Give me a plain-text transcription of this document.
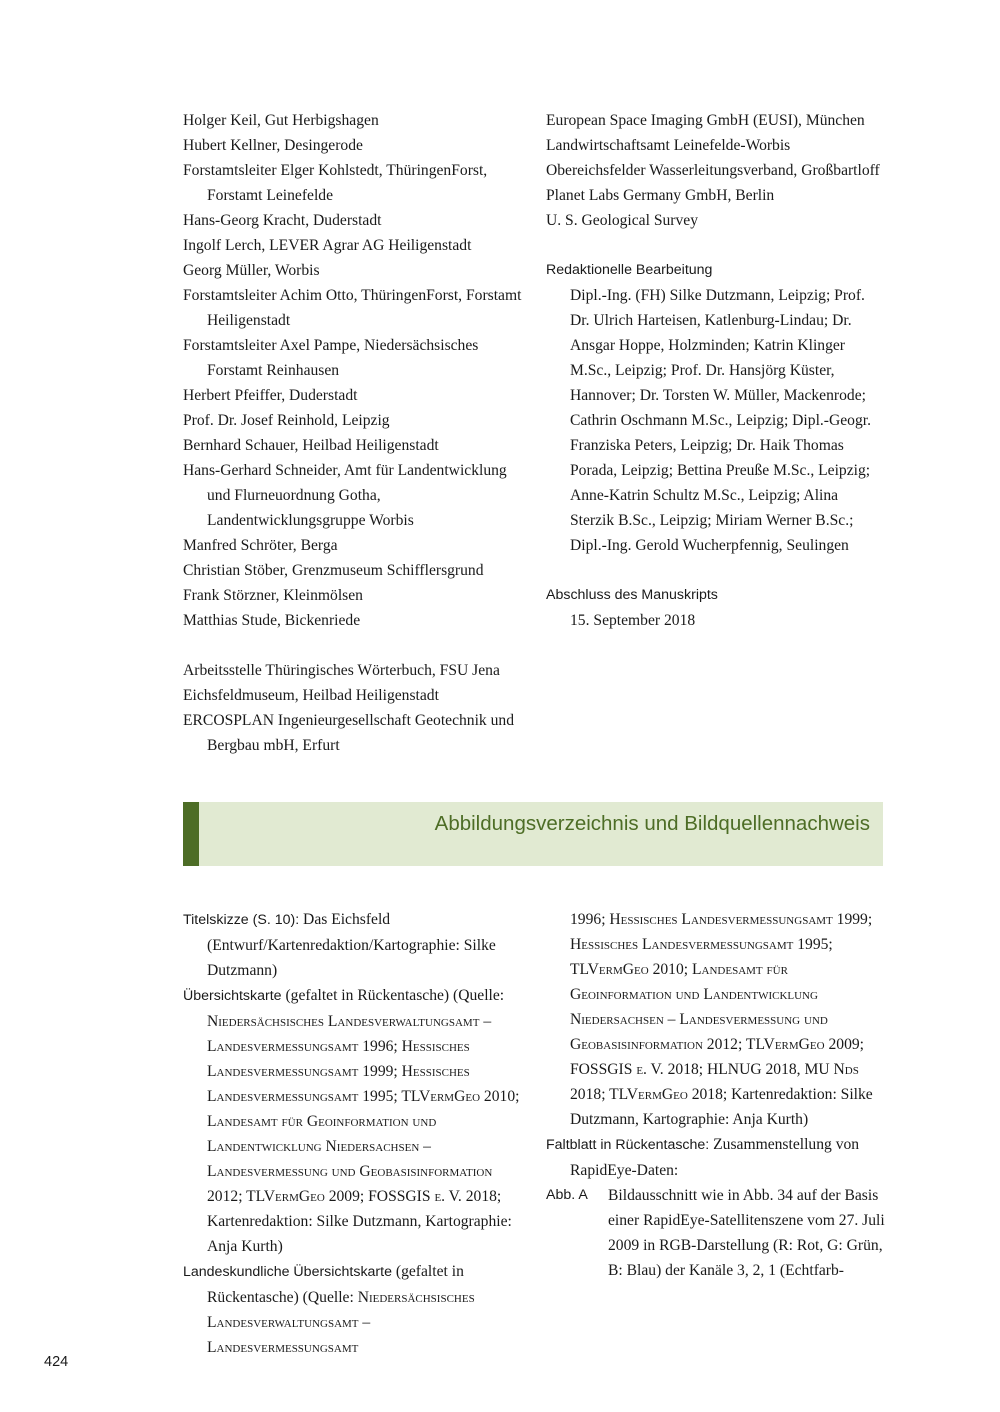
Holger Keil, Gut Herbigshagen
Hubert Kellner, Desingerode
Forstamtsleiter Elger Kohlstedt, ThüringenForst, Forstamt Leinefelde
Hans-Georg Kracht, Duderstadt
Ingolf Lerch, LEVER Agrar AG Heiligenstadt
Georg Müller, Worbis
Forstamtsleiter Achim Otto, ThüringenForst, Forstamt Heiligenstadt
Forstamtsleiter Axel Pampe, Niedersächsisches Forstamt Reinhausen
Herbert Pfeiffer, Duderstadt
Prof. Dr. Josef Reinhold, Leipzig
Bernhard Schauer, Heilbad Heiligenstadt
Hans-Gerhard Schneider, Amt für Landentwicklung und Flurneuordnung Gotha, Landentwicklungsgruppe Worbis
Manfred Schröter, Berga
Christian Stöber, Grenzmuseum Schifflersgrund
Frank Störzner, Kleinmölsen
Matthias Stude, Bickenriede
Arbeitsstelle Thüringisches Wörterbuch, FSU Jena
Eichsfeldmuseum, Heilbad Heiligenstadt
ERCOSPLAN Ingenieurgesellschaft Geotechnik und Bergbau mbH, Erfurt
European Space Imaging GmbH (EUSI), München
Landwirtschaftsamt Leinefelde-Worbis
Obereichsfelder Wasserleitungsverband, Großbartloff
Planet Labs Germany GmbH, Berlin
U. S. Geological Survey
Redaktionelle Bearbeitung
Dipl.-Ing. (FH) Silke Dutzmann, Leipzig; Prof. Dr. Ulrich Harteisen, Katlenburg-Lindau; Dr. Ansgar Hoppe, Holzminden; Katrin Klinger M.Sc., Leipzig; Prof. Dr. Hansjörg Küster, Hannover; Dr. Torsten W. Müller, Mackenrode; Cathrin Oschmann M.Sc., Leipzig; Dipl.-Geogr. Franziska Peters, Leipzig; Dr. Haik Thomas Porada, Leipzig; Bettina Preuße M.Sc., Leipzig; Anne-Katrin Schultz M.Sc., Leipzig; Alina Sterzik B.Sc., Leipzig; Miriam Werner B.Sc.; Dipl.-Ing. Gerold Wucherpfennig, Seulingen
Abschluss des Manuskripts
15. September 2018
Abbildungsverzeichnis und Bildquellennachweis
Titelskizze (S. 10): Das Eichsfeld (Entwurf/Kartenredaktion/Kartographie: Silke Dutzmann)
Übersichtskarte (gefaltet in Rückentasche) (Quelle: Niedersächsisches Landesverwaltungsamt – Landesvermessungsamt 1996; Hessisches Landesvermessungsamt 1999; Hessisches Landesvermessungsamt 1995; TLVermGeo 2010; Landesamt für Geoinformation und Landentwicklung Niedersachsen – Landesvermessung und Geobasisinformation 2012; TLVermGeo 2009; FOSSGIS e. V. 2018; Kartenredaktion: Silke Dutzmann, Kartographie: Anja Kurth)
Landeskundliche Übersichtskarte (gefaltet in Rückentasche) (Quelle: Niedersächsisches Landesverwaltungsamt – Landesvermessungsamt
1996; Hessisches Landesvermessungsamt 1999; Hessisches Landesvermessungsamt 1995; TLVermGeo 2010; Landesamt für Geoinformation und Landentwicklung Niedersachsen – Landesvermessung und Geobasisinformation 2012; TLVermGeo 2009; FOSSGIS e. V. 2018; HLNUG 2018, MU Nds 2018; TLVermGeo 2018; Kartenredaktion: Silke Dutzmann, Kartographie: Anja Kurth)
Faltblatt in Rückentasche: Zusammenstellung von RapidEye-Daten:
Abb. A	Bildausschnitt wie in Abb. 34 auf der Basis einer RapidEye-Satellitenszene vom 27. Juli 2009 in RGB-Darstellung (R: Rot, G: Grün, B: Blau) der Kanäle 3, 2, 1 (Echtfarb-
424
